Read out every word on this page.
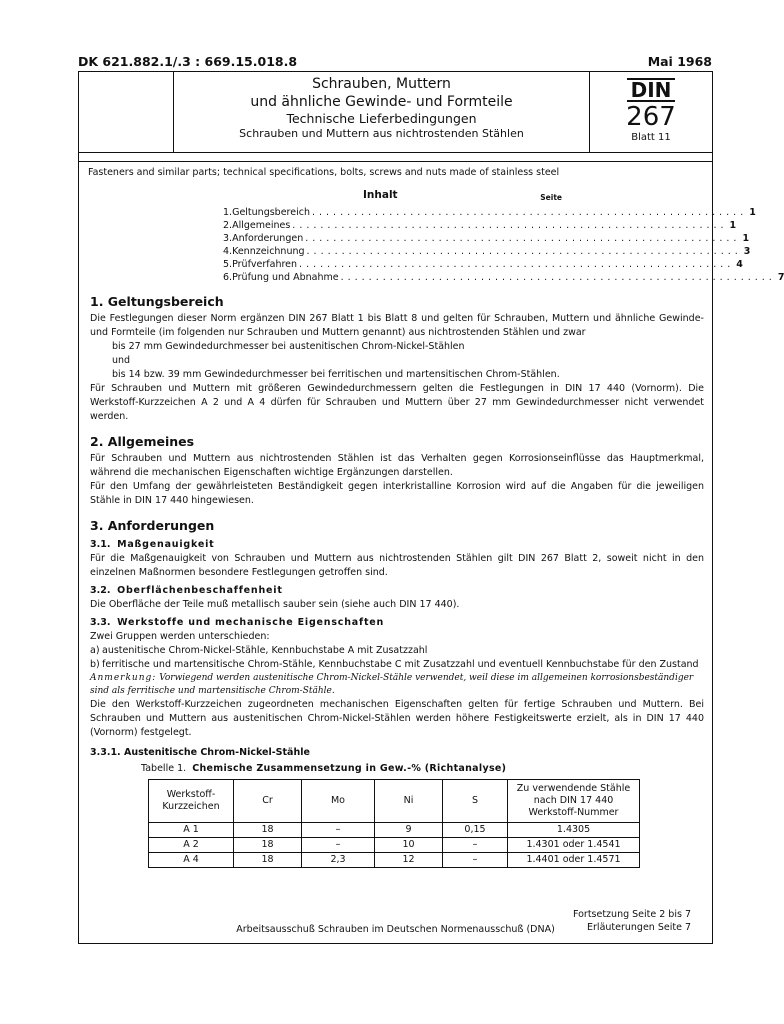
DK 621.882.1/.3 : 669.15.018.8	Mai 1968
Schrauben, Muttern
und ähnliche Gewinde- und Formteile
Technische Lieferbedingungen
Schrauben und Muttern aus nichtrostenden Stählen
DIN
267
Blatt 11

Fasteners and similar parts; technical specifications, bolts, screws and nuts made of stainless steel

Inhalt	Seite
1. Geltungsbereich .............................................................. 1
2. Allgemeines .............................................................. 1
3. Anforderungen .............................................................. 1
4. Kennzeichnung .............................................................. 3
5. Prüfverfahren .............................................................. 4
6. Prüfung und Abnahme .............................................................. 7
1. Geltungsbereich

Die Festlegungen dieser Norm ergänzen DIN 267 Blatt 1 bis Blatt 8 und gelten für Schrauben, Muttern und ähnliche Gewinde- und Formteile (im folgenden nur Schrauben und Muttern genannt) aus nichtrostenden Stählen und zwar

bis 27 mm Gewindedurchmesser bei austenitischen Chrom-Nickel-Stählen

und

bis 14 bzw. 39 mm Gewindedurchmesser bei ferritischen und martensitischen Chrom-Stählen.

Für Schrauben und Muttern mit größeren Gewindedurchmessern gelten die Festlegungen in DIN 17 440 (Vornorm). Die Werkstoff-Kurzzeichen A 2 und A 4 dürfen für Schrauben und Muttern über 27 mm Gewindedurchmesser nicht verwendet werden.

2. Allgemeines

Für Schrauben und Muttern aus nichtrostenden Stählen ist das Verhalten gegen Korrosionseinflüsse das Hauptmerkmal, während die mechanischen Eigenschaften wichtige Ergänzungen darstellen.

Für den Umfang der gewährleisteten Beständigkeit gegen interkristalline Korrosion wird auf die Angaben für die jeweiligen Stähle in DIN 17 440 hingewiesen.

3. Anforderungen
3.1. Maßgenauigkeit

Für die Maßgenauigkeit von Schrauben und Muttern aus nichtrostenden Stählen gilt DIN 267 Blatt 2, soweit nicht in den einzelnen Maßnormen besondere Festlegungen getroffen sind.

3.2. Oberflächenbeschaffenheit

Die Oberfläche der Teile muß metallisch sauber sein (siehe auch DIN 17 440).

3.3. Werkstoffe und mechanische Eigenschaften

Zwei Gruppen werden unterschieden:

a) austenitische Chrom-Nickel-Stähle, Kennbuchstabe A mit Zusatzzahl
b) ferritische und martensitische Chrom-Stähle, Kennbuchstabe C mit Zusatzzahl und eventuell Kennbuchstabe für den Zustand

Anmerkung: Vorwiegend werden austenitische Chrom-Nickel-Stähle verwendet, weil diese im allgemeinen korrosionsbeständiger sind als ferritische und martensitische Chrom-Stähle.

Die den Werkstoff-Kurzzeichen zugeordneten mechanischen Eigenschaften gelten für fertige Schrauben und Muttern. Bei Schrauben und Muttern aus austenitischen Chrom-Nickel-Stählen werden höhere Festigkeitswerte erzielt, als in DIN 17 440 (Vornorm) festgelegt.

3.3.1. Austenitische Chrom-Nickel-Stähle
Tabelle 1. Chemische Zusammensetzung in Gew.-% (Richtanalyse)
Werkstoff-
Kurzzeichen	Cr	Mo	Ni	S	Zu verwendende Stähle
nach DIN 17 440
Werkstoff-Nummer
A 1	18	–	9	0,15	1.4305
A 2	18	–	10	–	1.4301 oder 1.4541
A 4	18	2,3	12	–	1.4401 oder 1.4571
Fortsetzung Seite 2 bis 7
Erläuterungen Seite 7
Arbeitsausschuß Schrauben im Deutschen Normenausschuß (DNA)
